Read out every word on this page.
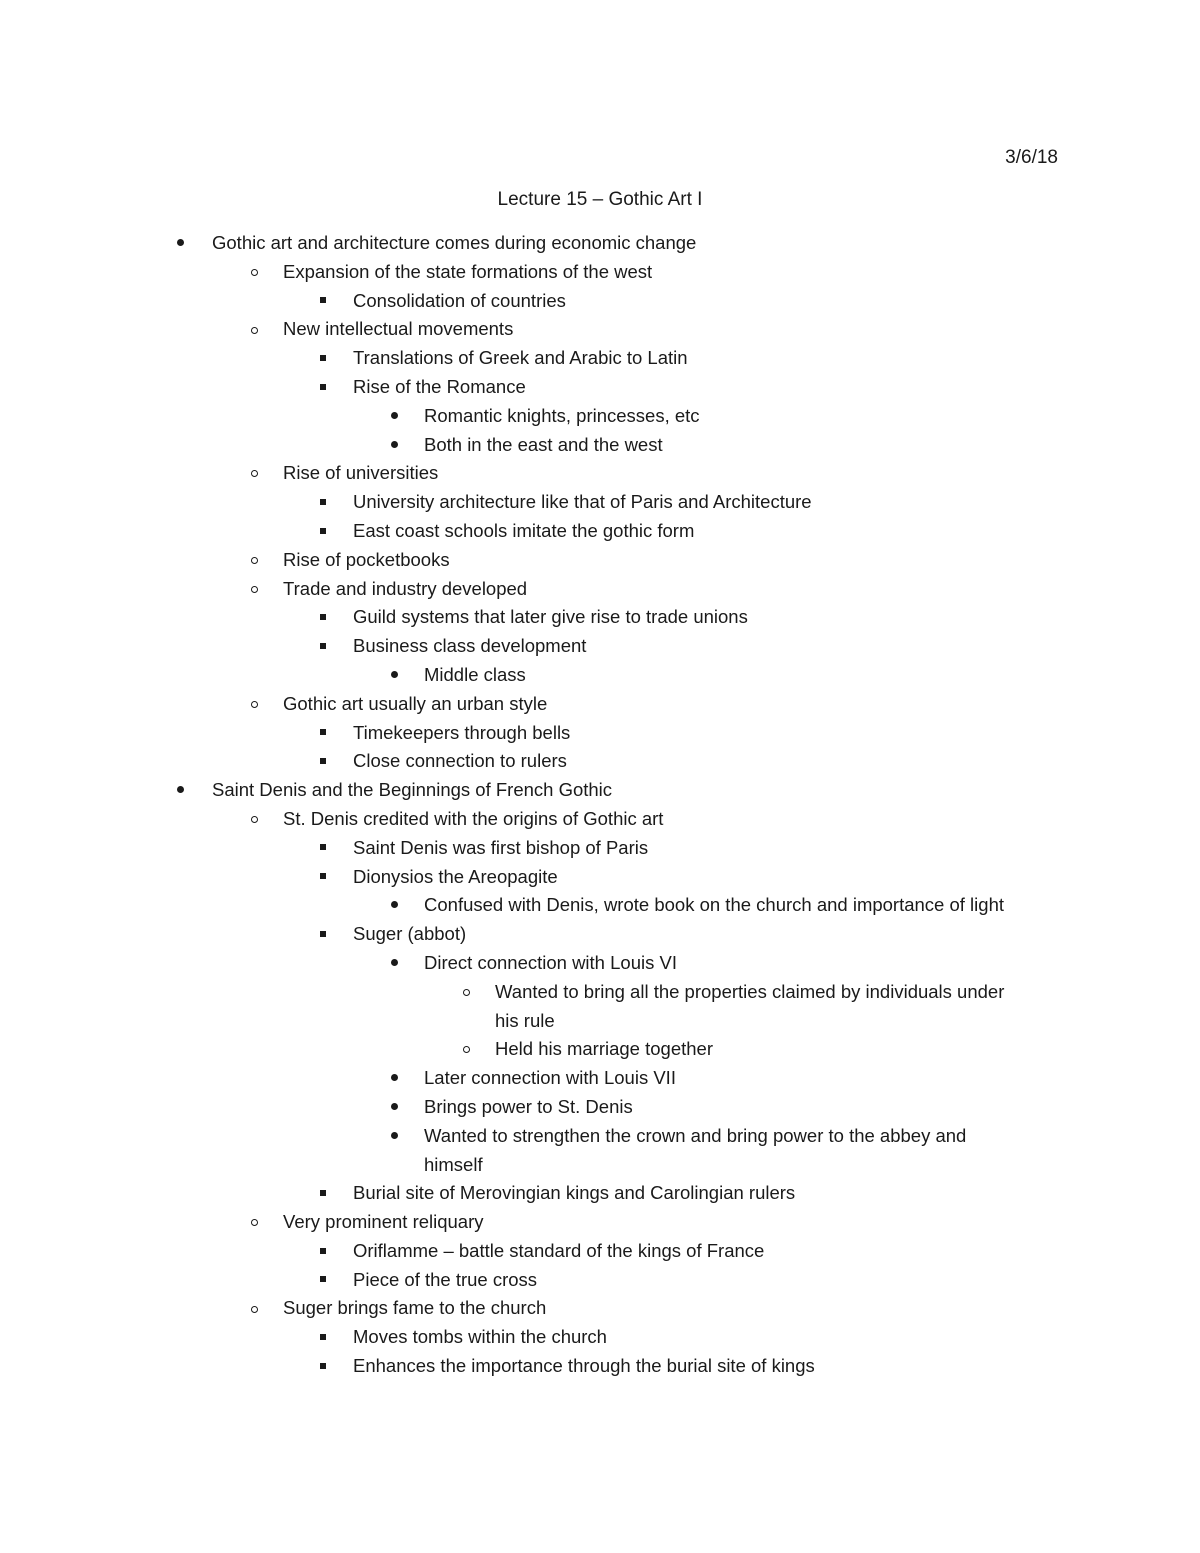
3/6/18
Lecture 15 – Gothic Art I
Gothic art and architecture comes during economic change
Expansion of the state formations of the west
Consolidation of countries
New intellectual movements
Translations of Greek and Arabic to Latin
Rise of the Romance
Romantic knights, princesses, etc
Both in the east and the west
Rise of universities
University architecture like that of Paris and Architecture
East coast schools imitate the gothic form
Rise of pocketbooks
Trade and industry developed
Guild systems that later give rise to trade unions
Business class development
Middle class
Gothic art usually an urban style
Timekeepers through bells
Close connection to rulers
Saint Denis and the Beginnings of French Gothic
St. Denis credited with the origins of Gothic art
Saint Denis was first bishop of Paris
Dionysios the Areopagite
Confused with Denis, wrote book on the church and importance of light
Suger (abbot)
Direct connection with Louis VI
Wanted to bring all the properties claimed by individuals under
his rule
Held his marriage together
Later connection with Louis VII
Brings power to St. Denis
Wanted to strengthen the crown and bring power to the abbey and
himself
Burial site of Merovingian kings and Carolingian rulers
Very prominent reliquary
Oriflamme – battle standard of the kings of France
Piece of the true cross
Suger brings fame to the church
Moves tombs within the church
Enhances the importance through the burial site of kings
